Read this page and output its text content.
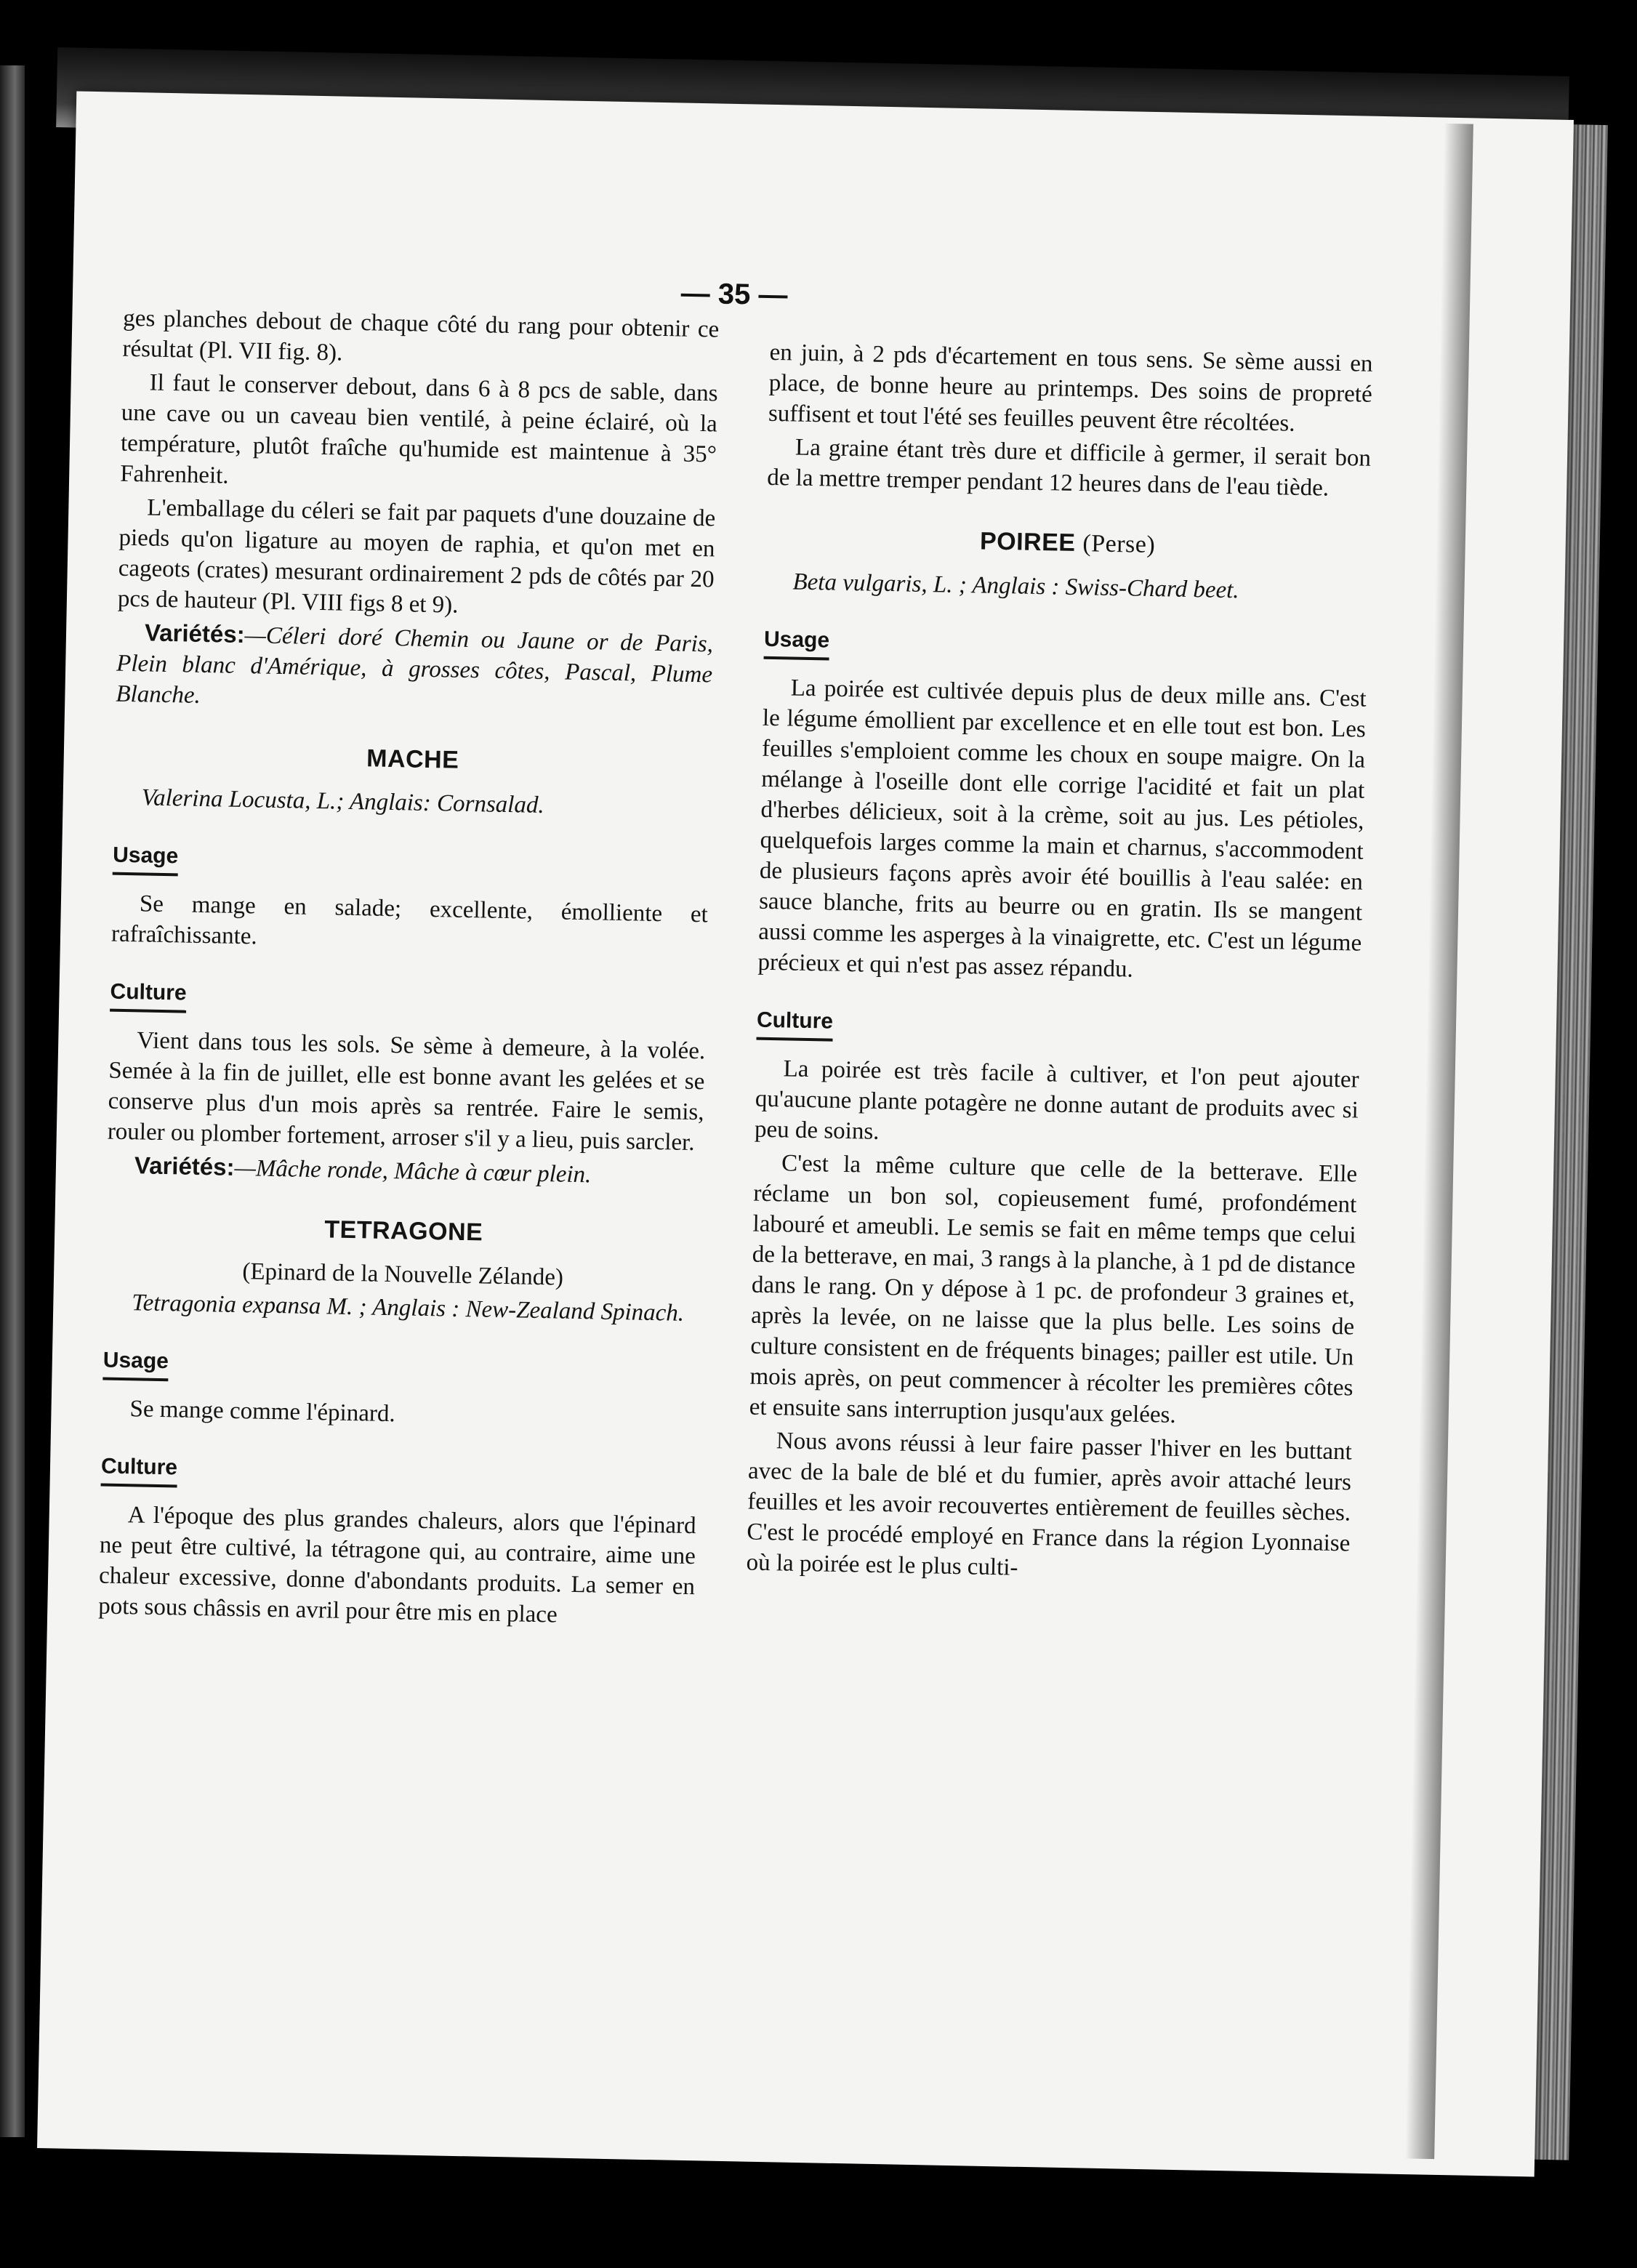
— 35 —

ges planches debout de chaque côté du rang pour obtenir ce résultat (Pl. VII fig. 8).

Il faut le conserver debout, dans 6 à 8 pcs de sable, dans une cave ou un caveau bien ventilé, à peine éclairé, où la température, plutôt fraîche qu'humide est maintenue à 35° Fahrenheit.

L'emballage du céleri se fait par paquets d'une douzaine de pieds qu'on ligature au moyen de raphia, et qu'on met en cageots (crates) mesurant ordinairement 2 pds de côtés par 20 pcs de hauteur (Pl. VIII figs 8 et 9).

Variétés:—Céleri doré Chemin ou Jaune or de Paris, Plein blanc d'Amérique, à grosses côtes, Pascal, Plume Blanche.

MACHE

Valerina Locusta, L.; Anglais: Cornsalad.

Usage

Se mange en salade; excellente, émolliente et rafraîchissante.

Culture

Vient dans tous les sols. Se sème à demeure, à la volée. Semée à la fin de juillet, elle est bonne avant les gelées et se conserve plus d'un mois après sa rentrée. Faire le semis, rouler ou plomber fortement, arroser s'il y a lieu, puis sarcler.

Variétés:—Mâche ronde, Mâche à cœur plein.

TETRAGONE

(Epinard de la Nouvelle Zélande)

Tetragonia expansa M. ; Anglais : New-Zealand Spinach.

Usage

Se mange comme l'épinard.

Culture

A l'époque des plus grandes chaleurs, alors que l'épinard ne peut être cultivé, la tétragone qui, au contraire, aime une chaleur excessive, donne d'abondants produits. La semer en pots sous châssis en avril pour être mis en place

en juin, à 2 pds d'écartement en tous sens. Se sème aussi en place, de bonne heure au printemps. Des soins de propreté suffisent et tout l'été ses feuilles peuvent être récoltées.

La graine étant très dure et difficile à germer, il serait bon de la mettre tremper pendant 12 heures dans de l'eau tiède.

POIREE (Perse)

Beta vulgaris, L. ; Anglais : Swiss-Chard beet.

Usage

La poirée est cultivée depuis plus de deux mille ans. C'est le légume émollient par excellence et en elle tout est bon. Les feuilles s'emploient comme les choux en soupe maigre. On la mélange à l'oseille dont elle corrige l'acidité et fait un plat d'herbes délicieux, soit à la crème, soit au jus. Les pétioles, quelquefois larges comme la main et charnus, s'accommodent de plusieurs façons après avoir été bouillis à l'eau salée: en sauce blanche, frits au beurre ou en gratin. Ils se mangent aussi comme les asperges à la vinaigrette, etc. C'est un légume précieux et qui n'est pas assez répandu.

Culture

La poirée est très facile à cultiver, et l'on peut ajouter qu'aucune plante potagère ne donne autant de produits avec si peu de soins.

C'est la même culture que celle de la betterave. Elle réclame un bon sol, copieusement fumé, profondément labouré et ameubli. Le semis se fait en même temps que celui de la betterave, en mai, 3 rangs à la planche, à 1 pd de distance dans le rang. On y dépose à 1 pc. de profondeur 3 graines et, après la levée, on ne laisse que la plus belle. Les soins de culture consistent en de fréquents binages; pailler est utile. Un mois après, on peut commencer à récolter les premières côtes et ensuite sans interruption jusqu'aux gelées.

Nous avons réussi à leur faire passer l'hiver en les buttant avec de la bale de blé et du fumier, après avoir attaché leurs feuilles et les avoir recouvertes entièrement de feuilles sèches. C'est le procédé employé en France dans la région Lyonnaise où la poirée est le plus culti-
